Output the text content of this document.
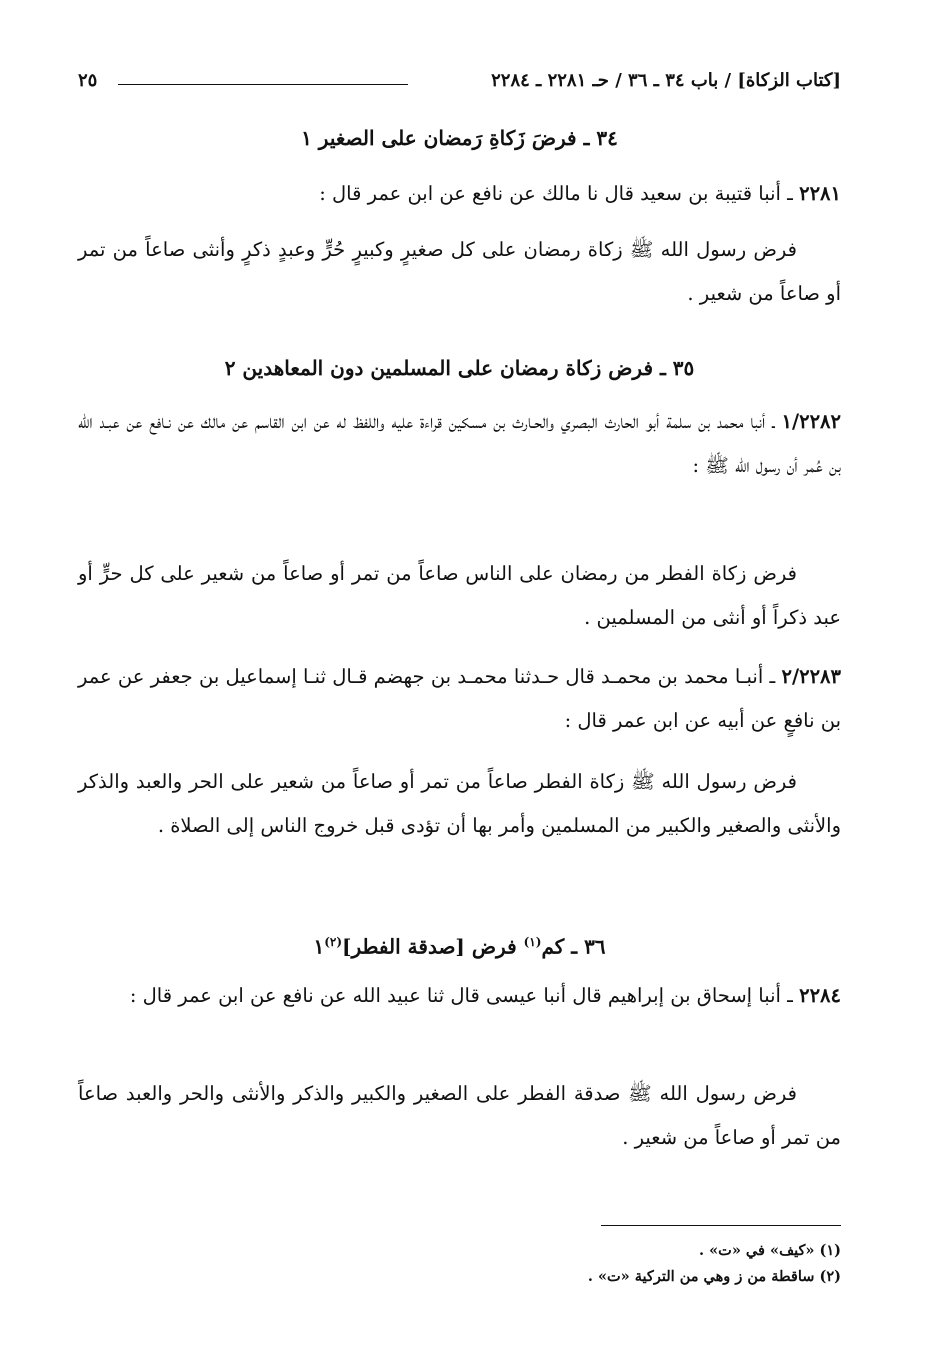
[كتاب الزكاة] / باب ٣٤ ـ ٣٦ / حـ ٢٢٨١ ـ ٢٢٨٤
٢٥
٣٤ ـ فرضَ زَكاةِ رَمضان على الصغير ١
٢٢٨١ ـ أنبا قتيبة بن سعيد قال نا مالك عن نافع عن ابن عمر قال :
فرض رسول الله ﷺ زكاة رمضان على كل صغيرٍ وكبيرٍ حُرٍّ وعبدٍ ذكرٍ وأنثى صاعاً من تمر أو صاعاً من شعير .
٣٥ ـ فرض زكاة رمضان على المسلمين دون المعاهدين ٢
١/٢٢٨٢ ـ أنبا محمد بن سلمة أبو الحارث البصري والحـارث بن مسكين قراءة عليه واللفظ له عن ابن القاسم عن مالك عن نـافع عن عبـد الله بن عُمر أن رسول الله ﷺ :
فرض زكاة الفطر من رمضان على الناس صاعاً من تمر أو صاعاً من شعير على كل حرٍّ أو عبد ذكراً أو أنثى من المسلمين .
٢/٢٢٨٣ ـ أنبـا محمد بن محمـد قال حـدثنا محمـد بن جهضم قـال ثنـا إسماعيل بن جعفر عن عمر بن نافعٍ عن أبيه عن ابن عمر قال :
فرض رسول الله ﷺ زكاة الفطر صاعاً من تمر أو صاعاً من شعير على الحر والعبد والذكر والأنثى والصغير والكبير من المسلمين وأمر بها أن تؤدى قبل خروج الناس إلى الصلاة .
٣٦ ـ كم$^{(١)}$ فرض [صدقة الفطر]$^{(٢)}$١
٢٢٨٤ ـ أنبا إسحاق بن إبراهيم قال أنبا عيسى قال ثنا عبيد الله عن نافع عن ابن عمر قال :
فرض رسول الله ﷺ صدقة الفطر على الصغير والكبير والذكر والأنثى والحر والعبد صاعاً من تمر أو صاعاً من شعير .
(١) «كيف» في «ت» .
(٢) ساقطة من ز وهي من التركية «ت» .
